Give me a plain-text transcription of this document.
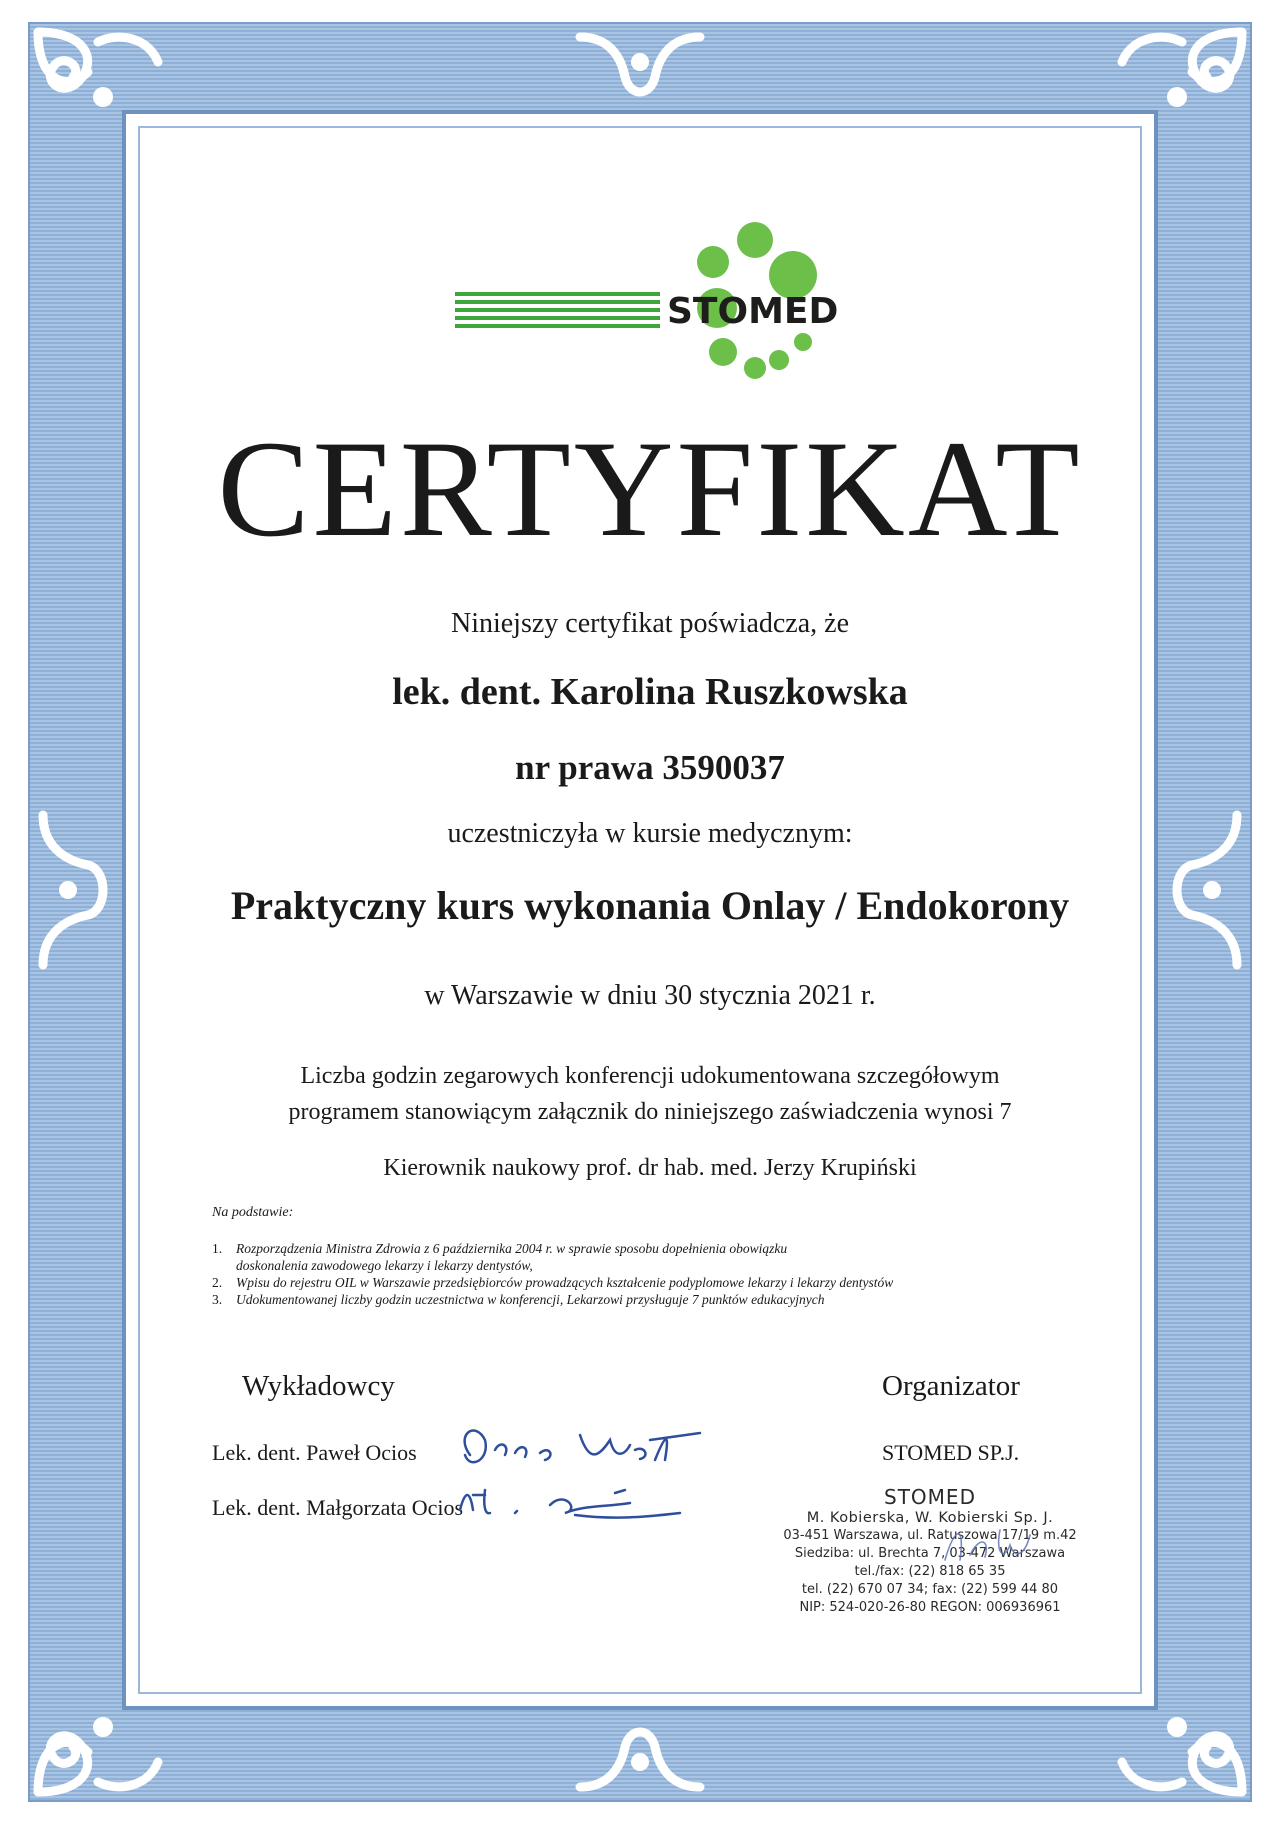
STOMED
CERTYFIKAT
Niniejszy certyfikat poświadcza, że
lek. dent. Karolina Ruszkowska
nr prawa 3590037
uczestniczyła w kursie medycznym:
Praktyczny kurs wykonania Onlay / Endokorony
w Warszawie w dniu 30 stycznia 2021 r.
Liczba godzin zegarowych konferencji udokumentowana szczegółowym
programem stanowiącym załącznik do niniejszego zaświadczenia wynosi 7
Kierownik naukowy prof. dr hab. med. Jerzy Krupiński
Na podstawie:
1. Rozporządzenia Ministra Zdrowia z 6 października 2004 r. w sprawie sposobu dopełnienia obowiązku
doskonalenia zawodowego lekarzy i lekarzy dentystów,
2. Wpisu do rejestru OIL w Warszawie przedsiębiorców prowadzących kształcenie podyplomowe lekarzy i lekarzy dentystów
3. Udokumentowanej liczby godzin uczestnictwa w konferencji, Lekarzowi przysługuje 7 punktów edukacyjnych
Wykładowcy
Lek. dent. Paweł Ocios
Lek. dent. Małgorzata Ocios
Organizator
STOMED SP.J.
STOMED
M. Kobierska, W. Kobierski Sp. J.
03-451 Warszawa, ul. Ratuszowa 17/19 m.42
Siedziba: ul. Brechta 7, 03-472 Warszawa
tel./fax: (22) 818 65 35
tel. (22) 670 07 34; fax: (22) 599 44 80
NIP: 524-020-26-80 REGON: 006936961
